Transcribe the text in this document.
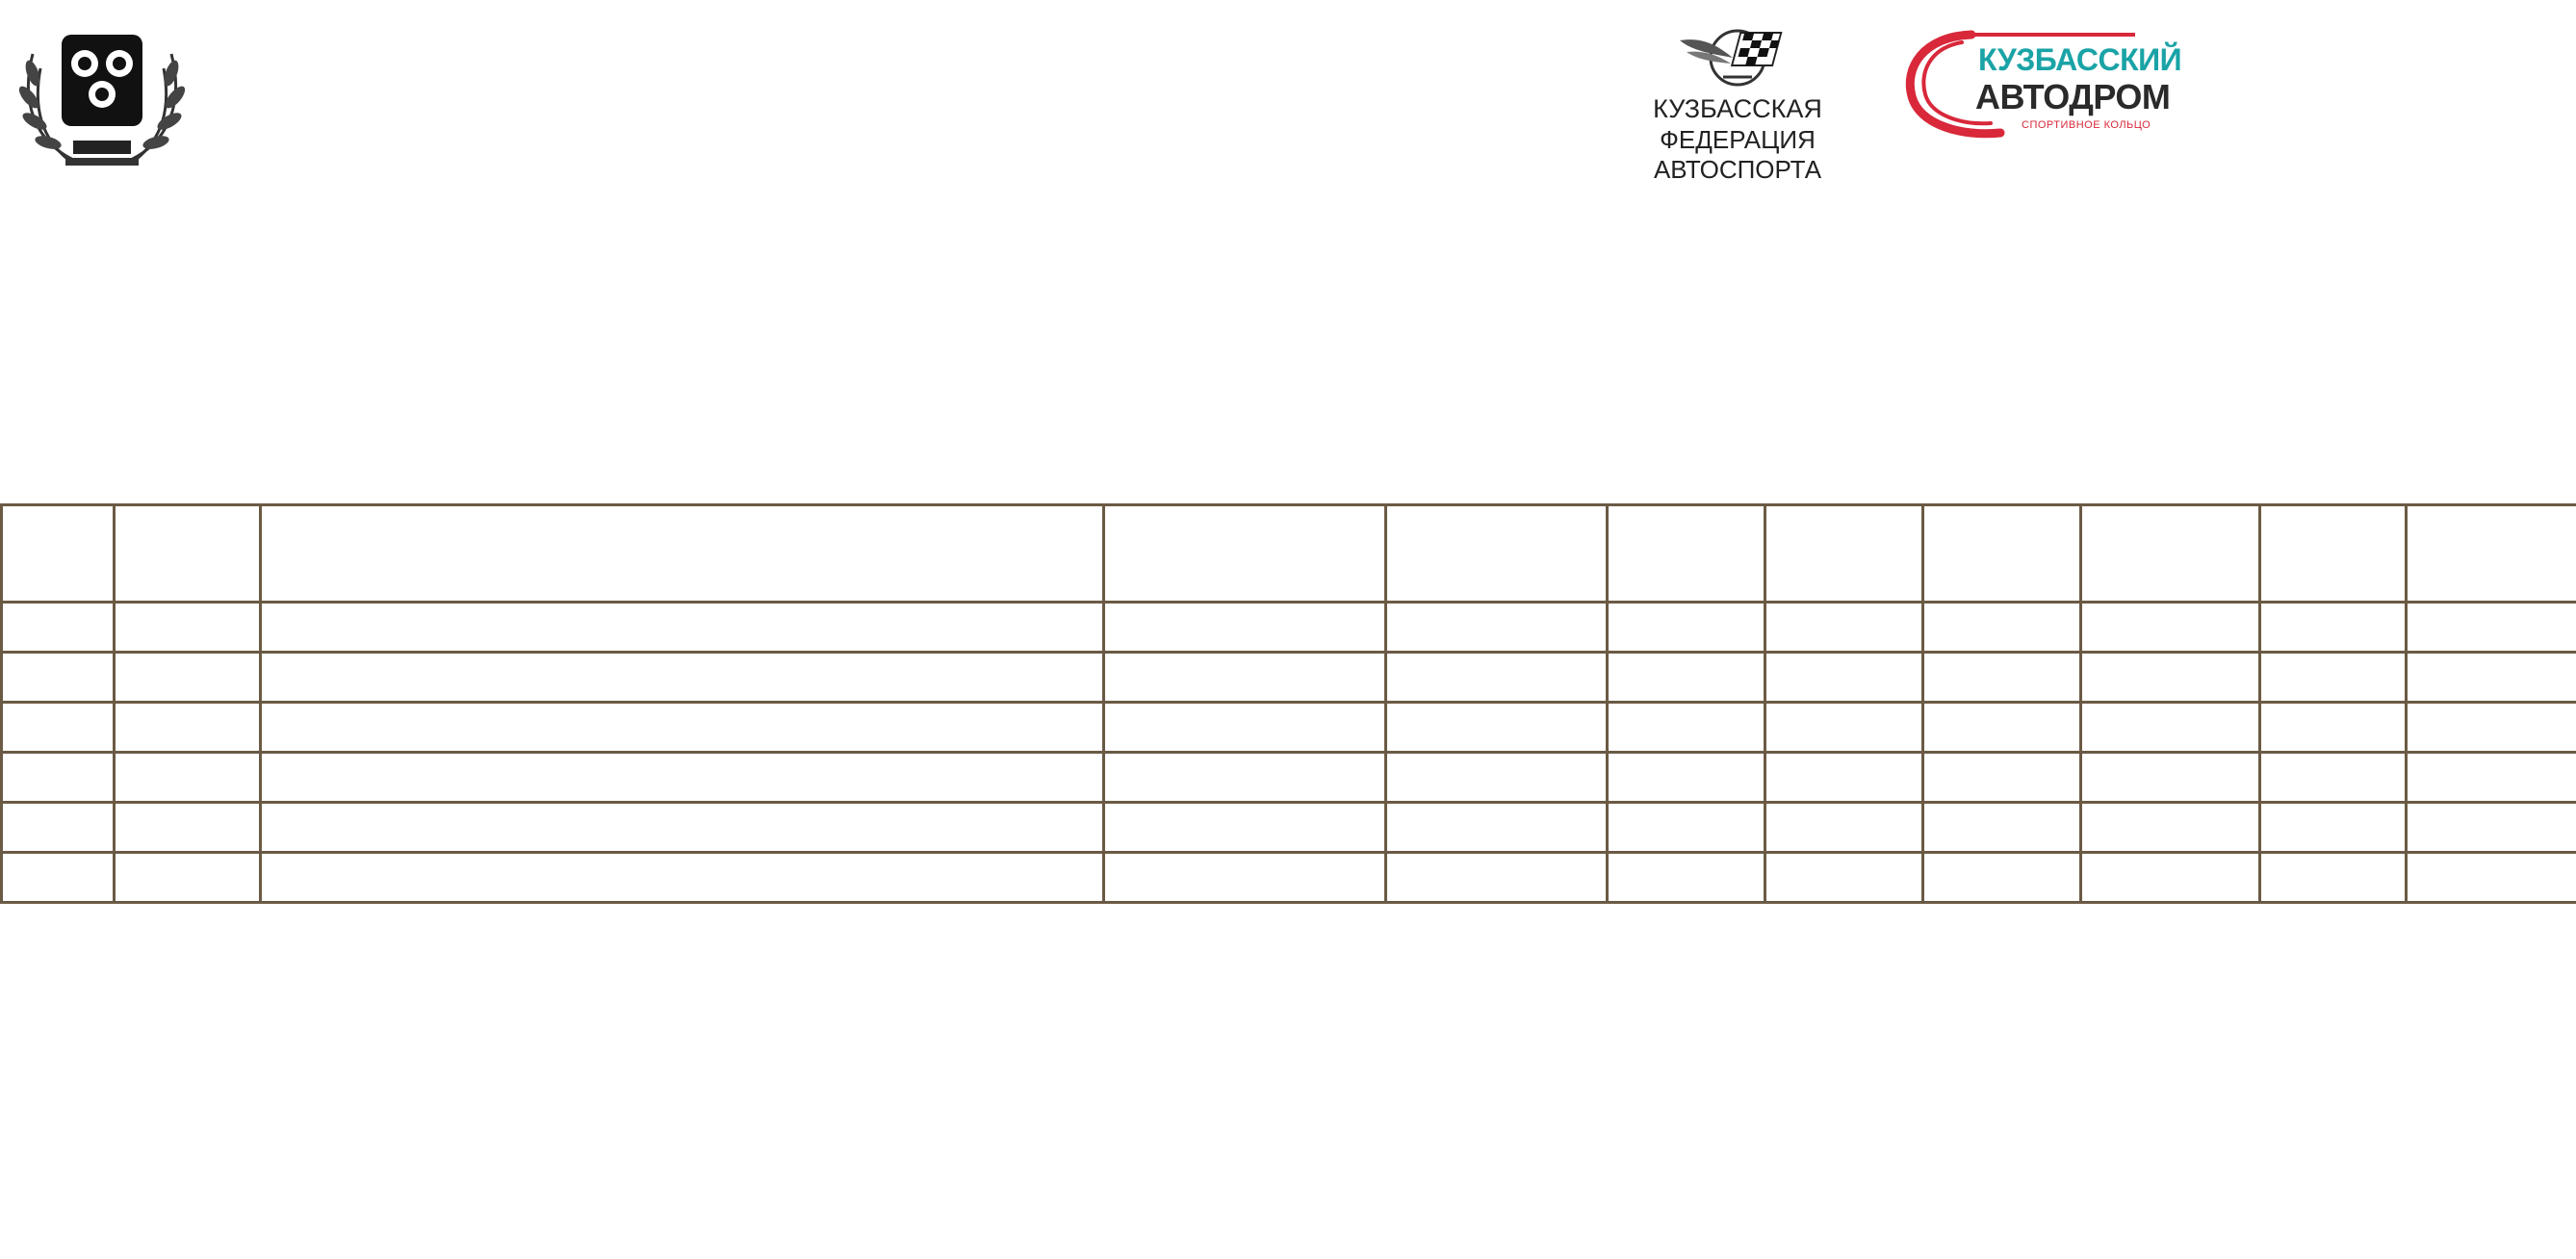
КУЗБАССКАЯ
ФЕДЕРАЦИЯ АВТОСПОРТА
КУЗБАССКИЙ
АВТОДРОМ
СПОРТИВНОЕ КОЛЬЦО
